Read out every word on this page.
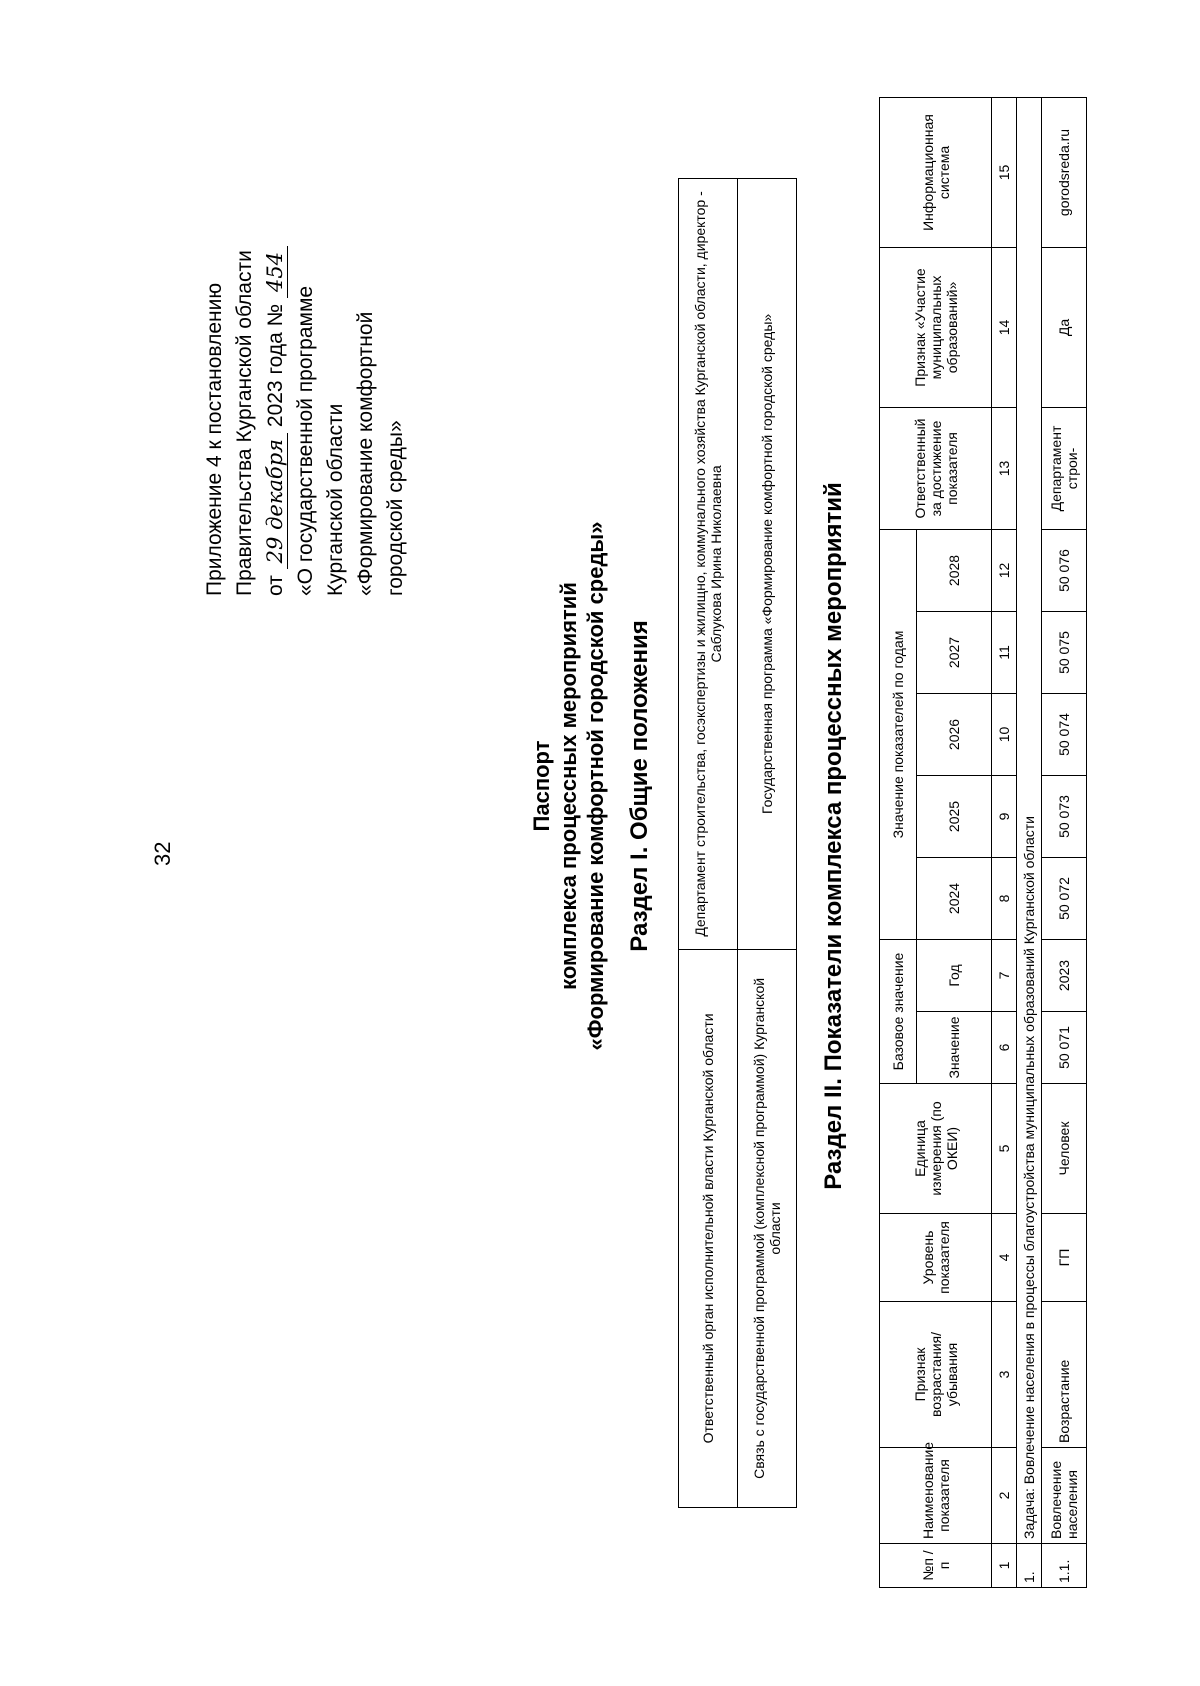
32
Приложение 4 к постановлению Правительства Курганской области от 29 декабря 2023 года № 454
«О государственной программе Курганской области «Формирование комфортной городской среды»
Паспорт комплекса процессных мероприятий «Формирование комфортной городской среды» Раздел I. Общие положения
Ответственный орган исполнительной власти Курганской области	Департамент строительства, госэкспертизы и жилищно, коммунального хозяйства Курганской области, директор - Саблукова Ирина Николаевна
Связь с государственной программой (комплексной программой) Курганской области	Государственная программа «Формирование комфортной городской среды» Раздел II. Показатели комплекса процессных мероприятий
№п /п	Наименование показателя	Признак возрастания/ убывания	Уровень показателя	Единица измерения (по ОКЕИ)	Базовое значение		Значение показателей по годам					Ответственный за достижение показателя	Признак «Участие муниципальных образований»	Информационная система
					Значение	Год	2024	2025	2026	2027	2028			
1	2	3	4	5	6	7	8	9	10	11	12	13	14	15
1.	Задача: Вовлечение населения в процессы благоустройства муниципальных образований Курганской области													
1.1.	Вовлечение населения	Возрастание	ГП	Человек	50 071	2023	50 072	50 073	50 074	50 075	50 076	Департамент строи-	Да	gorodsreda.ru
